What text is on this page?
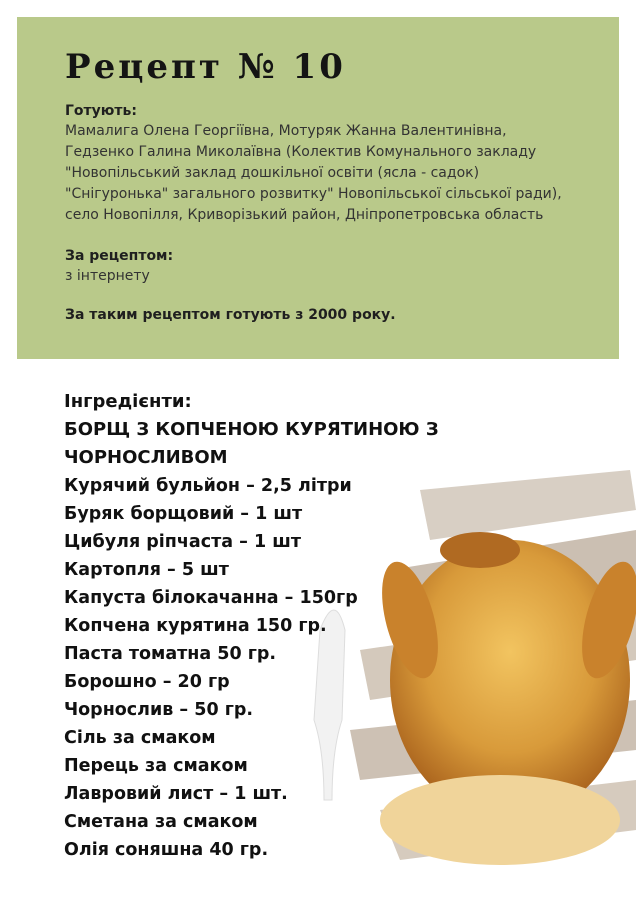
Рецепт № 10

Готують:

Мамалига Олена Георгіївна, Мотуряк Жанна Валентинівна, Гедзенко Галина Миколаївна (Колектив Комунального закладу "Новопільський заклад дошкільної освіти (ясла - садок) "Снігуронька" загального розвитку" Новопільської сільської ради), село Новопілля, Криворізький район, Дніпропетровська область

За рецептом:

з інтернету

За таким рецептом готують з 2000 року.

Інгредієнти:

БОРЩ З КОПЧЕНОЮ КУРЯТИНОЮ З ЧОРНОСЛИВОМ

Курячий бульйон – 2,5 літри
Буряк борщовий – 1 шт
Цибуля ріпчаста – 1 шт
Картопля – 5 шт
Капуста білокачанна – 150гр
Копчена курятина 150 гр.
Паста томатна 50 гр.
Борошно – 20 гр
Чорнослив – 50 гр.
Сіль за смаком
Перець за смаком
Лавровий лист – 1 шт.
Сметана за смаком
Олія соняшна 40 гр.
